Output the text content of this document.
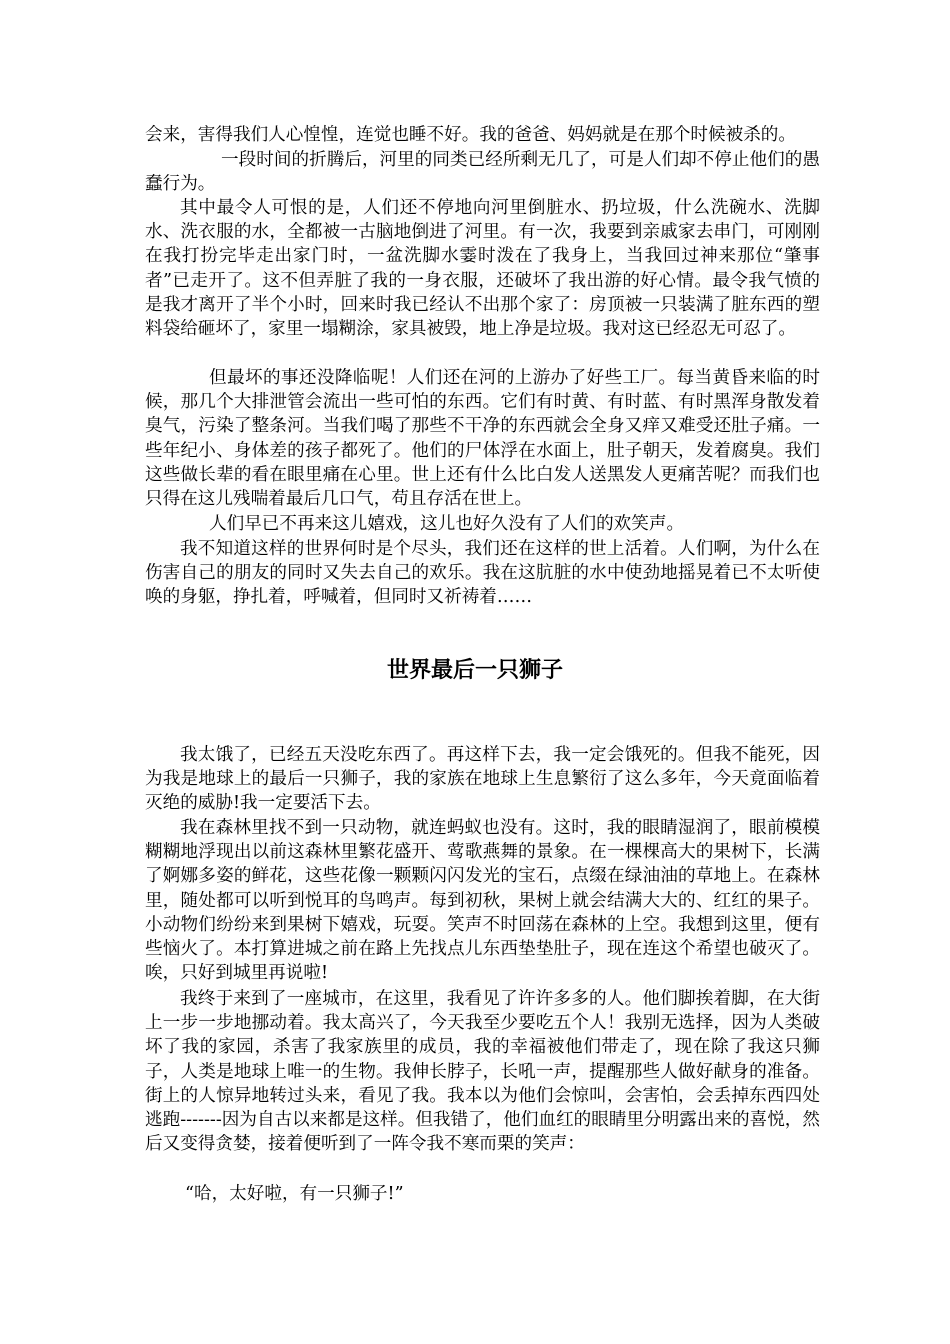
会来，害得我们人心惶惶，连觉也睡不好。我的爸爸、妈妈就是在那个时候被杀的。

一段时间的折腾后，河里的同类已经所剩无几了，可是人们却不停止他们的愚蠢行为。

其中最令人可恨的是，人们还不停地向河里倒脏水、扔垃圾，什么洗碗水、洗脚水、洗衣服的水，全都被一古脑地倒进了河里。有一次，我要到亲戚家去串门，可刚刚在我打扮完毕走出家门时，一盆洗脚水霎时泼在了我身上，当我回过神来那位“肇事者”已走开了。这不但弄脏了我的一身衣服，还破坏了我出游的好心情。最令我气愤的是我才离开了半个小时，回来时我已经认不出那个家了：房顶被一只装满了脏东西的塑料袋给砸坏了，家里一塌糊涂，家具被毁，地上净是垃圾。我对这已经忍无可忍了。

但最坏的事还没降临呢！人们还在河的上游办了好些工厂。每当黄昏来临的时候，那几个大排泄管会流出一些可怕的东西。它们有时黄、有时蓝、有时黑浑身散发着臭气，污染了整条河。当我们喝了那些不干净的东西就会全身又痒又难受还肚子痛。一些年纪小、身体差的孩子都死了。他们的尸体浮在水面上，肚子朝天，发着腐臭。我们这些做长辈的看在眼里痛在心里。世上还有什么比白发人送黑发人更痛苦呢？而我们也只得在这儿残喘着最后几口气，苟且存活在世上。

人们早已不再来这儿嬉戏，这儿也好久没有了人们的欢笑声。

我不知道这样的世界何时是个尽头，我们还在这样的世上活着。人们啊，为什么在伤害自己的朋友的同时又失去自己的欢乐。我在这肮脏的水中使劲地摇晃着已不太听使唤的身躯，挣扎着，呼喊着，但同时又祈祷着……

世界最后一只狮子

我太饿了，已经五天没吃东西了。再这样下去，我一定会饿死的。但我不能死，因为我是地球上的最后一只狮子，我的家族在地球上生息繁衍了这么多年，今天竟面临着灭绝的威胁!我一定要活下去。

我在森林里找不到一只动物，就连蚂蚁也没有。这时，我的眼睛湿润了，眼前模模糊糊地浮现出以前这森林里繁花盛开、莺歌燕舞的景象。在一棵棵高大的果树下，长满了婀娜多姿的鲜花，这些花像一颗颗闪闪发光的宝石，点缀在绿油油的草地上。在森林里，随处都可以听到悦耳的鸟鸣声。每到初秋，果树上就会结满大大的、红红的果子。小动物们纷纷来到果树下嬉戏，玩耍。笑声不时回荡在森林的上空。我想到这里，便有些恼火了。本打算进城之前在路上先找点儿东西垫垫肚子，现在连这个希望也破灭了。唉，只好到城里再说啦!

我终于来到了一座城市，在这里，我看见了许许多多的人。他们脚挨着脚，在大街上一步一步地挪动着。我太高兴了，今天我至少要吃五个人！我别无选择，因为人类破坏了我的家园，杀害了我家族里的成员，我的幸福被他们带走了，现在除了我这只狮子，人类是地球上唯一的生物。我伸长脖子，长吼一声，提醒那些人做好献身的准备。街上的人惊异地转过头来，看见了我。我本以为他们会惊叫，会害怕，会丢掉东西四处逃跑-------因为自古以来都是这样。但我错了，他们血红的眼睛里分明露出来的喜悦，然后又变得贪婪，接着便听到了一阵令我不寒而栗的笑声：

“哈，太好啦，有一只狮子!”
